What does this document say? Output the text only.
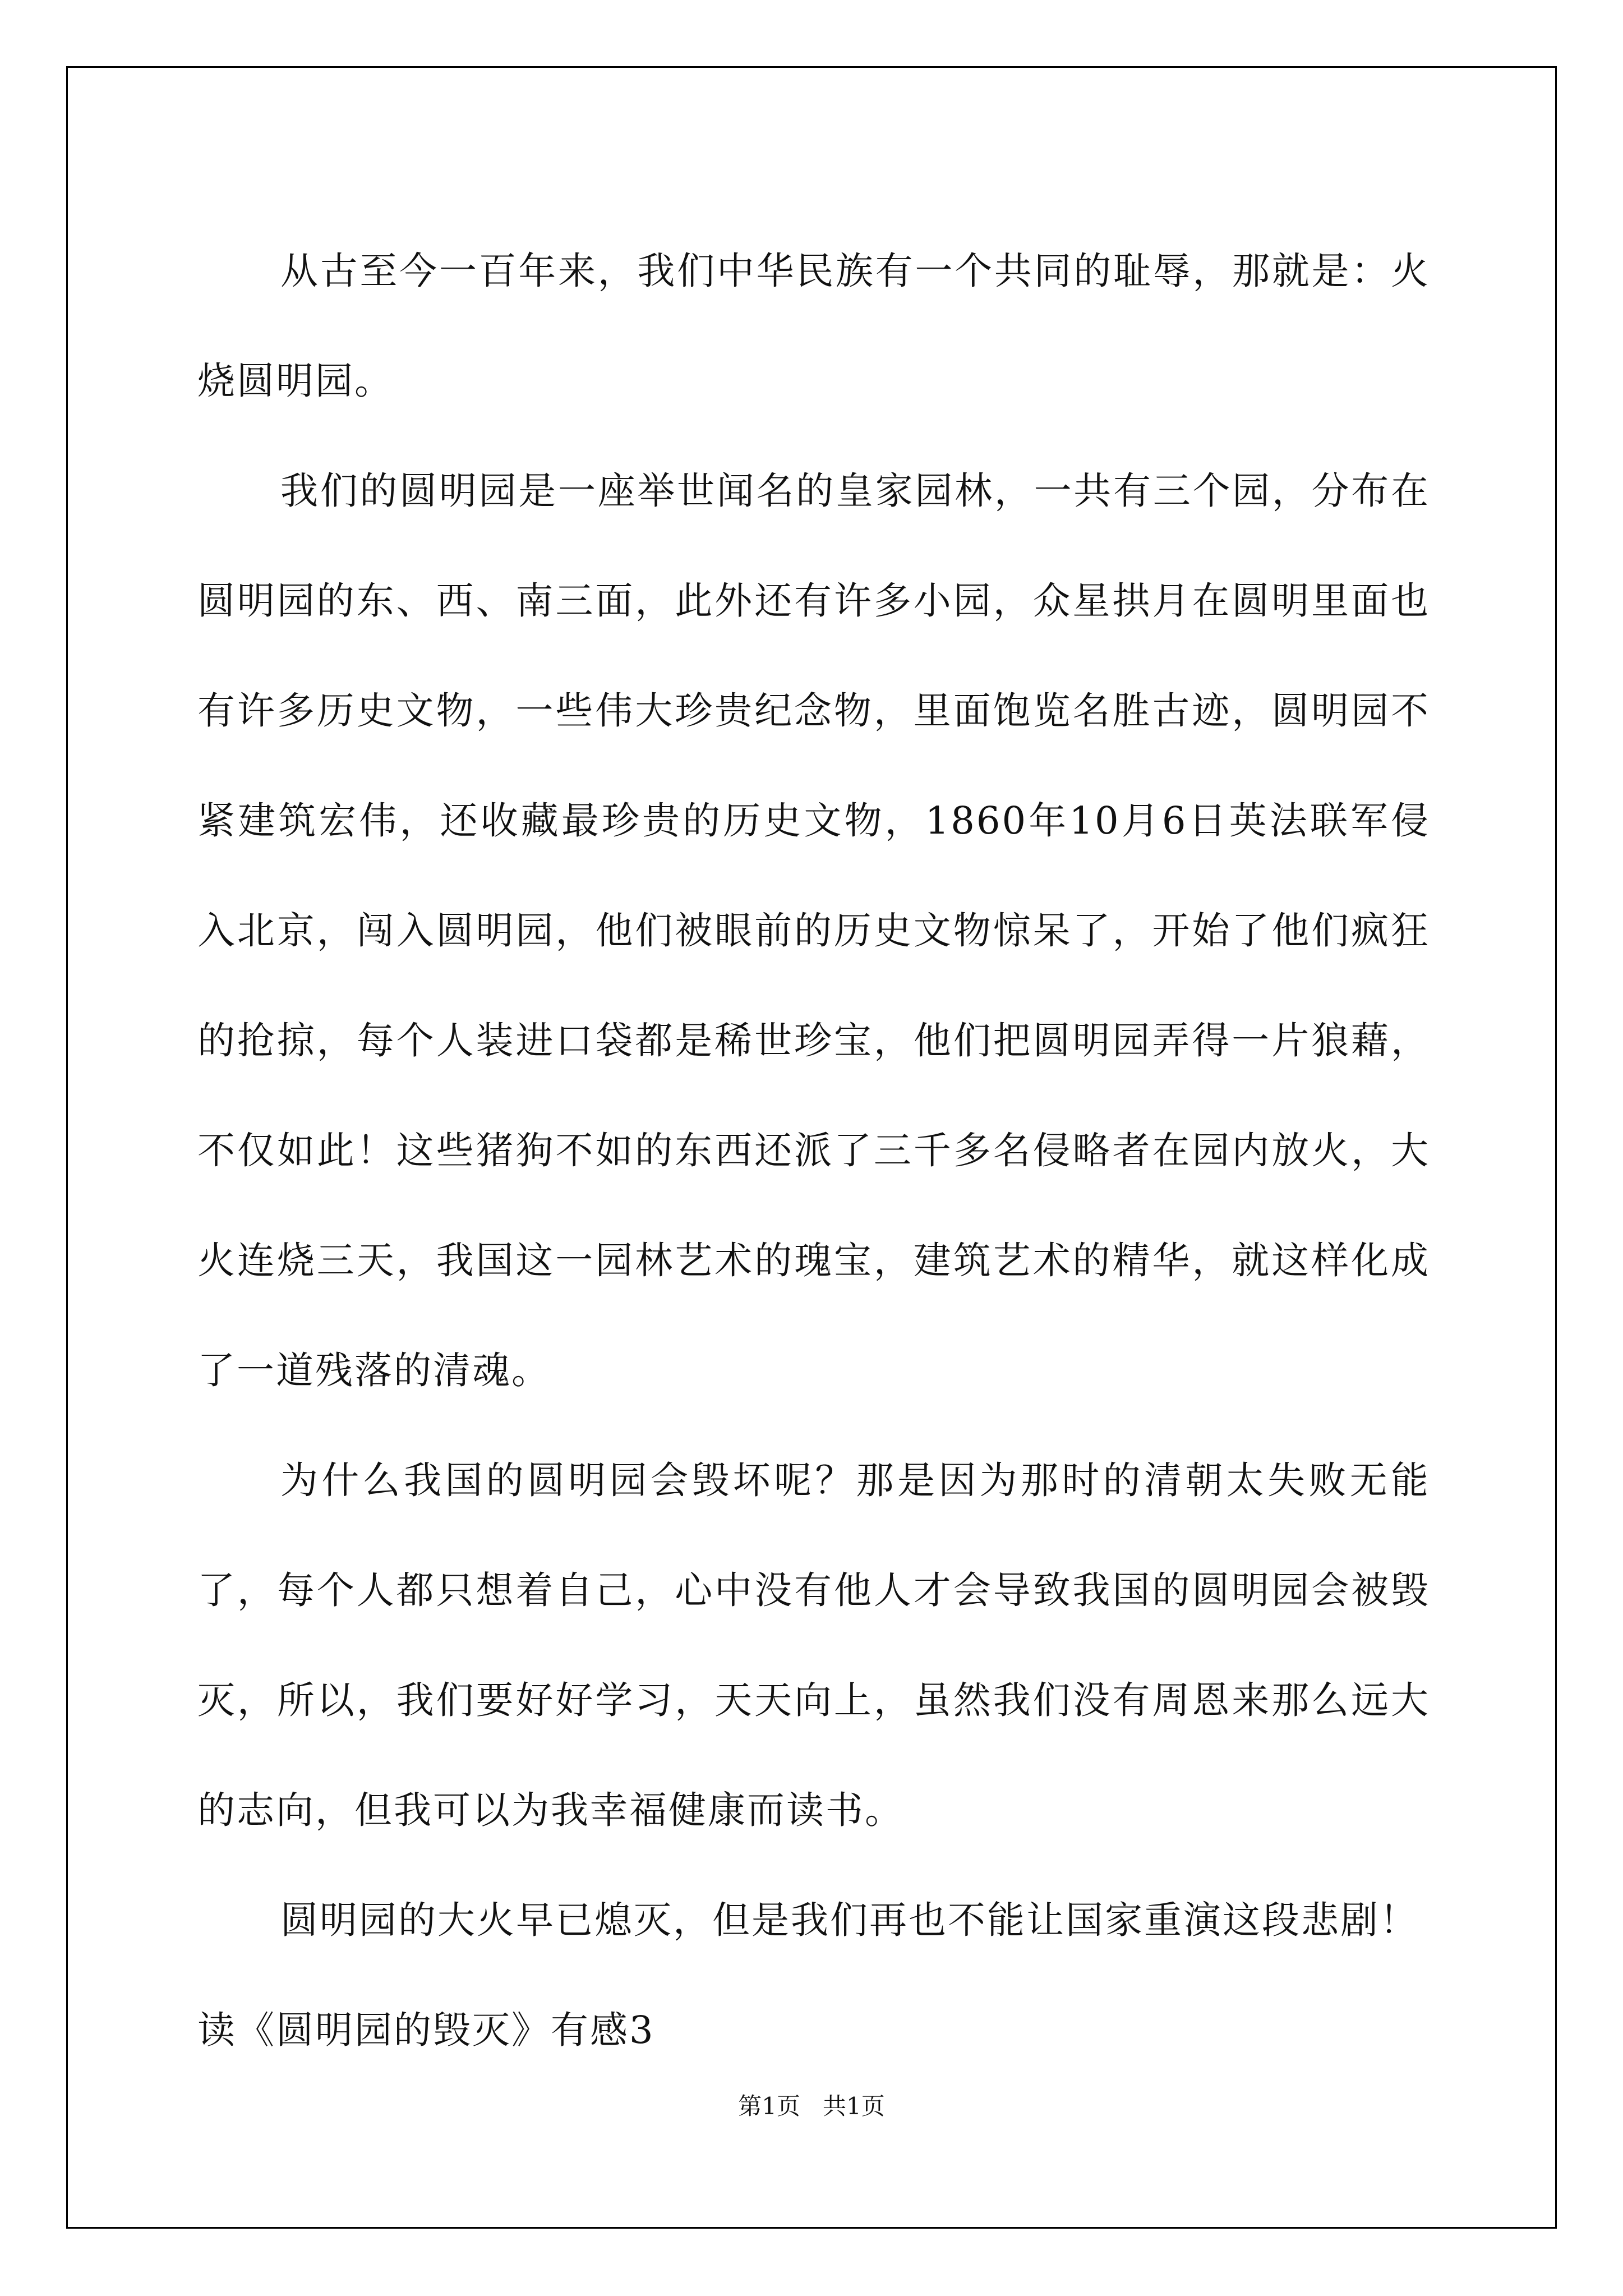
从古至今一百年来，我们中华民族有一个共同的耻辱，那就是：火烧圆明园。

我们的圆明园是一座举世闻名的皇家园林，一共有三个园，分布在圆明园的东、西、南三面，此外还有许多小园，众星拱月在圆明里面也有许多历史文物，一些伟大珍贵纪念物，里面饱览名胜古迹，圆明园不紧建筑宏伟，还收藏最珍贵的历史文物，1860年10月6日英法联军侵入北京，闯入圆明园，他们被眼前的历史文物惊呆了，开始了他们疯狂的抢掠，每个人装进口袋都是稀世珍宝，他们把圆明园弄得一片狼藉，不仅如此！这些猪狗不如的东西还派了三千多名侵略者在园内放火，大火连烧三天，我国这一园林艺术的瑰宝，建筑艺术的精华，就这样化成了一道残落的清魂。

为什么我国的圆明园会毁坏呢？那是因为那时的清朝太失败无能了，每个人都只想着自己，心中没有他人才会导致我国的圆明园会被毁灭，所以，我们要好好学习，天天向上，虽然我们没有周恩来那么远大的志向，但我可以为我幸福健康而读书。

圆明园的大火早已熄灭，但是我们再也不能让国家重演这段悲剧！

读《圆明园的毁灭》有感3

第1页   共1页
